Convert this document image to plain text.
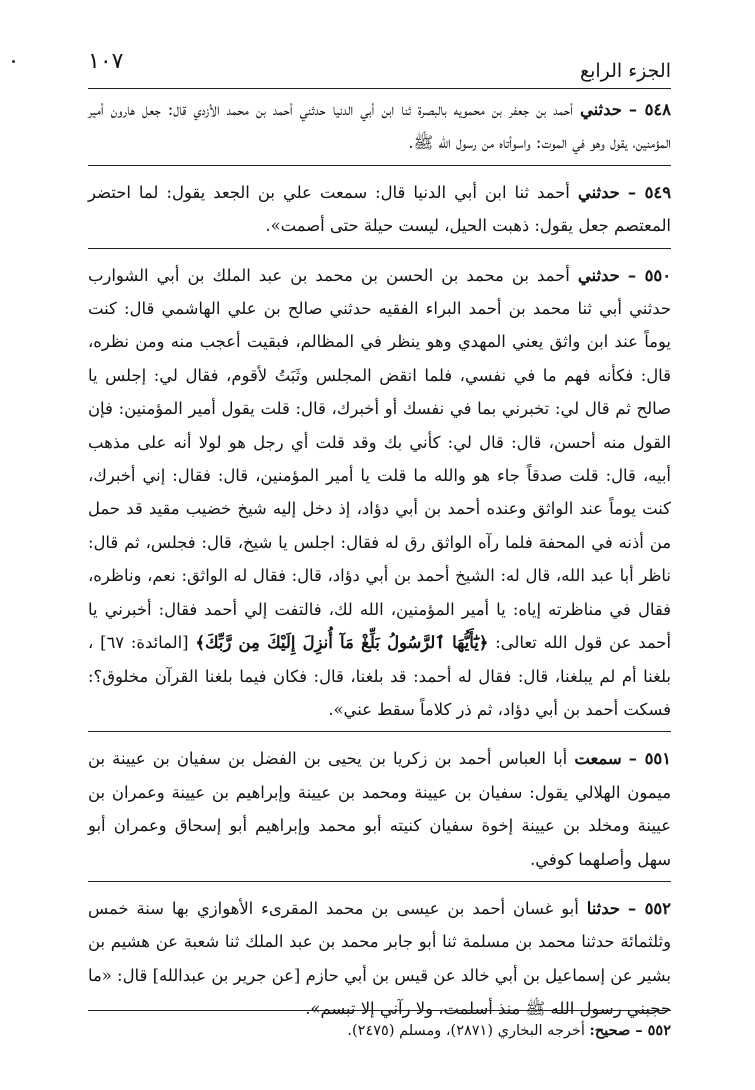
الجزء الرابع
١٠٧

٥٤٨ – حدثني أحمد بن جعفر بن محمويه بالبصرة ثنا ابن أبي الدنيا حدثني أحمد بن محمد الأزدي قال: جعل هارون أمير المؤمنين، يقول وهو في الموت: واسوأتاه من رسول الله ﷺ.

٥٤٩ – حدثني أحمد ثنا ابن أبي الدنيا قال: سمعت علي بن الجعد يقول: لما احتضر المعتصم جعل يقول: ذهبت الحيل، ليست حيلة حتى أصمت».

٥٥٠ – حدثني أحمد بن محمد بن الحسن بن محمد بن عبد الملك بن أبي الشوارب حدثني أبي ثنا محمد بن أحمد البراء الفقيه حدثني صالح بن علي الهاشمي قال: كنت يوماً عند ابن واثق يعني المهدي وهو ينظر في المظالم، فبقيت أعجب منه ومن نظره، قال: فكأنه فهم ما في نفسي، فلما انقض المجلس وثَبَتُ لأقوم، فقال لي: إجلس يا صالح ثم قال لي: تخبرني بما في نفسك أو أخبرك، قال: قلت يقول أمير المؤمنين: فإن القول منه أحسن، قال: قال لي: كأني بك وقد قلت أي رجل هو لولا أنه على مذهب أبيه، قال: قلت صدقاً جاء هو والله ما قلت يا أمير المؤمنين، قال: فقال: إني أخبرك، كنت يوماً عند الواثق وعنده أحمد بن أبي دؤاد، إذ دخل إليه شيخ خضيب مقيد قد حمل من أذنه في المحفة فلما رآه الواثق رق له فقال: اجلس يا شيخ، قال: فجلس، ثم قال: ناظر أبا عبد الله، قال له: الشيخ أحمد بن أبي دؤاد، قال: فقال له الواثق: نعم، وناظره، فقال في مناظرته إياه: يا أمير المؤمنين، الله لك، فالتفت إلي أحمد فقال: أخبرني يا أحمد عن قول الله تعالى: ﴿يَٰٓأَيُّهَا ٱلرَّسُولُ بَلِّغْ مَآ أُنزِلَ إِلَيْكَ مِن رَّبِّكَ﴾ [المائدة: ٦٧] ، بلغنا أم لم يبلغنا، قال: فقال له أحمد: قد بلغنا، قال: فكان فيما بلغنا القرآن مخلوق؟: فسكت أحمد بن أبي دؤاد، ثم ذر كلاماً سقط عني».

٥٥١ – سمعت أبا العباس أحمد بن زكريا بن يحيى بن الفضل بن سفيان بن عيينة بن ميمون الهلالي يقول: سفيان بن عيينة ومحمد بن عيينة وإبراهيم بن عيينة وعمران بن عيينة ومخلد بن عيينة إخوة سفيان كنيته أبو محمد وإبراهيم أبو إسحاق وعمران أبو سهل وأصلهما كوفي.

٥٥٢ – حدثنا أبو غسان أحمد بن عيسى بن محمد المقرىء الأهوازي بها سنة خمس وثلثمائة حدثنا محمد بن مسلمة ثنا أبو جابر محمد بن عبد الملك ثنا شعبة عن هشيم بن بشير عن إسماعيل بن أبي خالد عن قيس بن أبي حازم [عن جرير بن عبدالله] قال: «ما حجبني رسول الله ﷺ منذ أسلمت، ولا رآني إلا تبسم».

٥٥٢ – صحيح: أخرجه البخاري (٢٨٧١)، ومسلم (٢٤٧٥).
